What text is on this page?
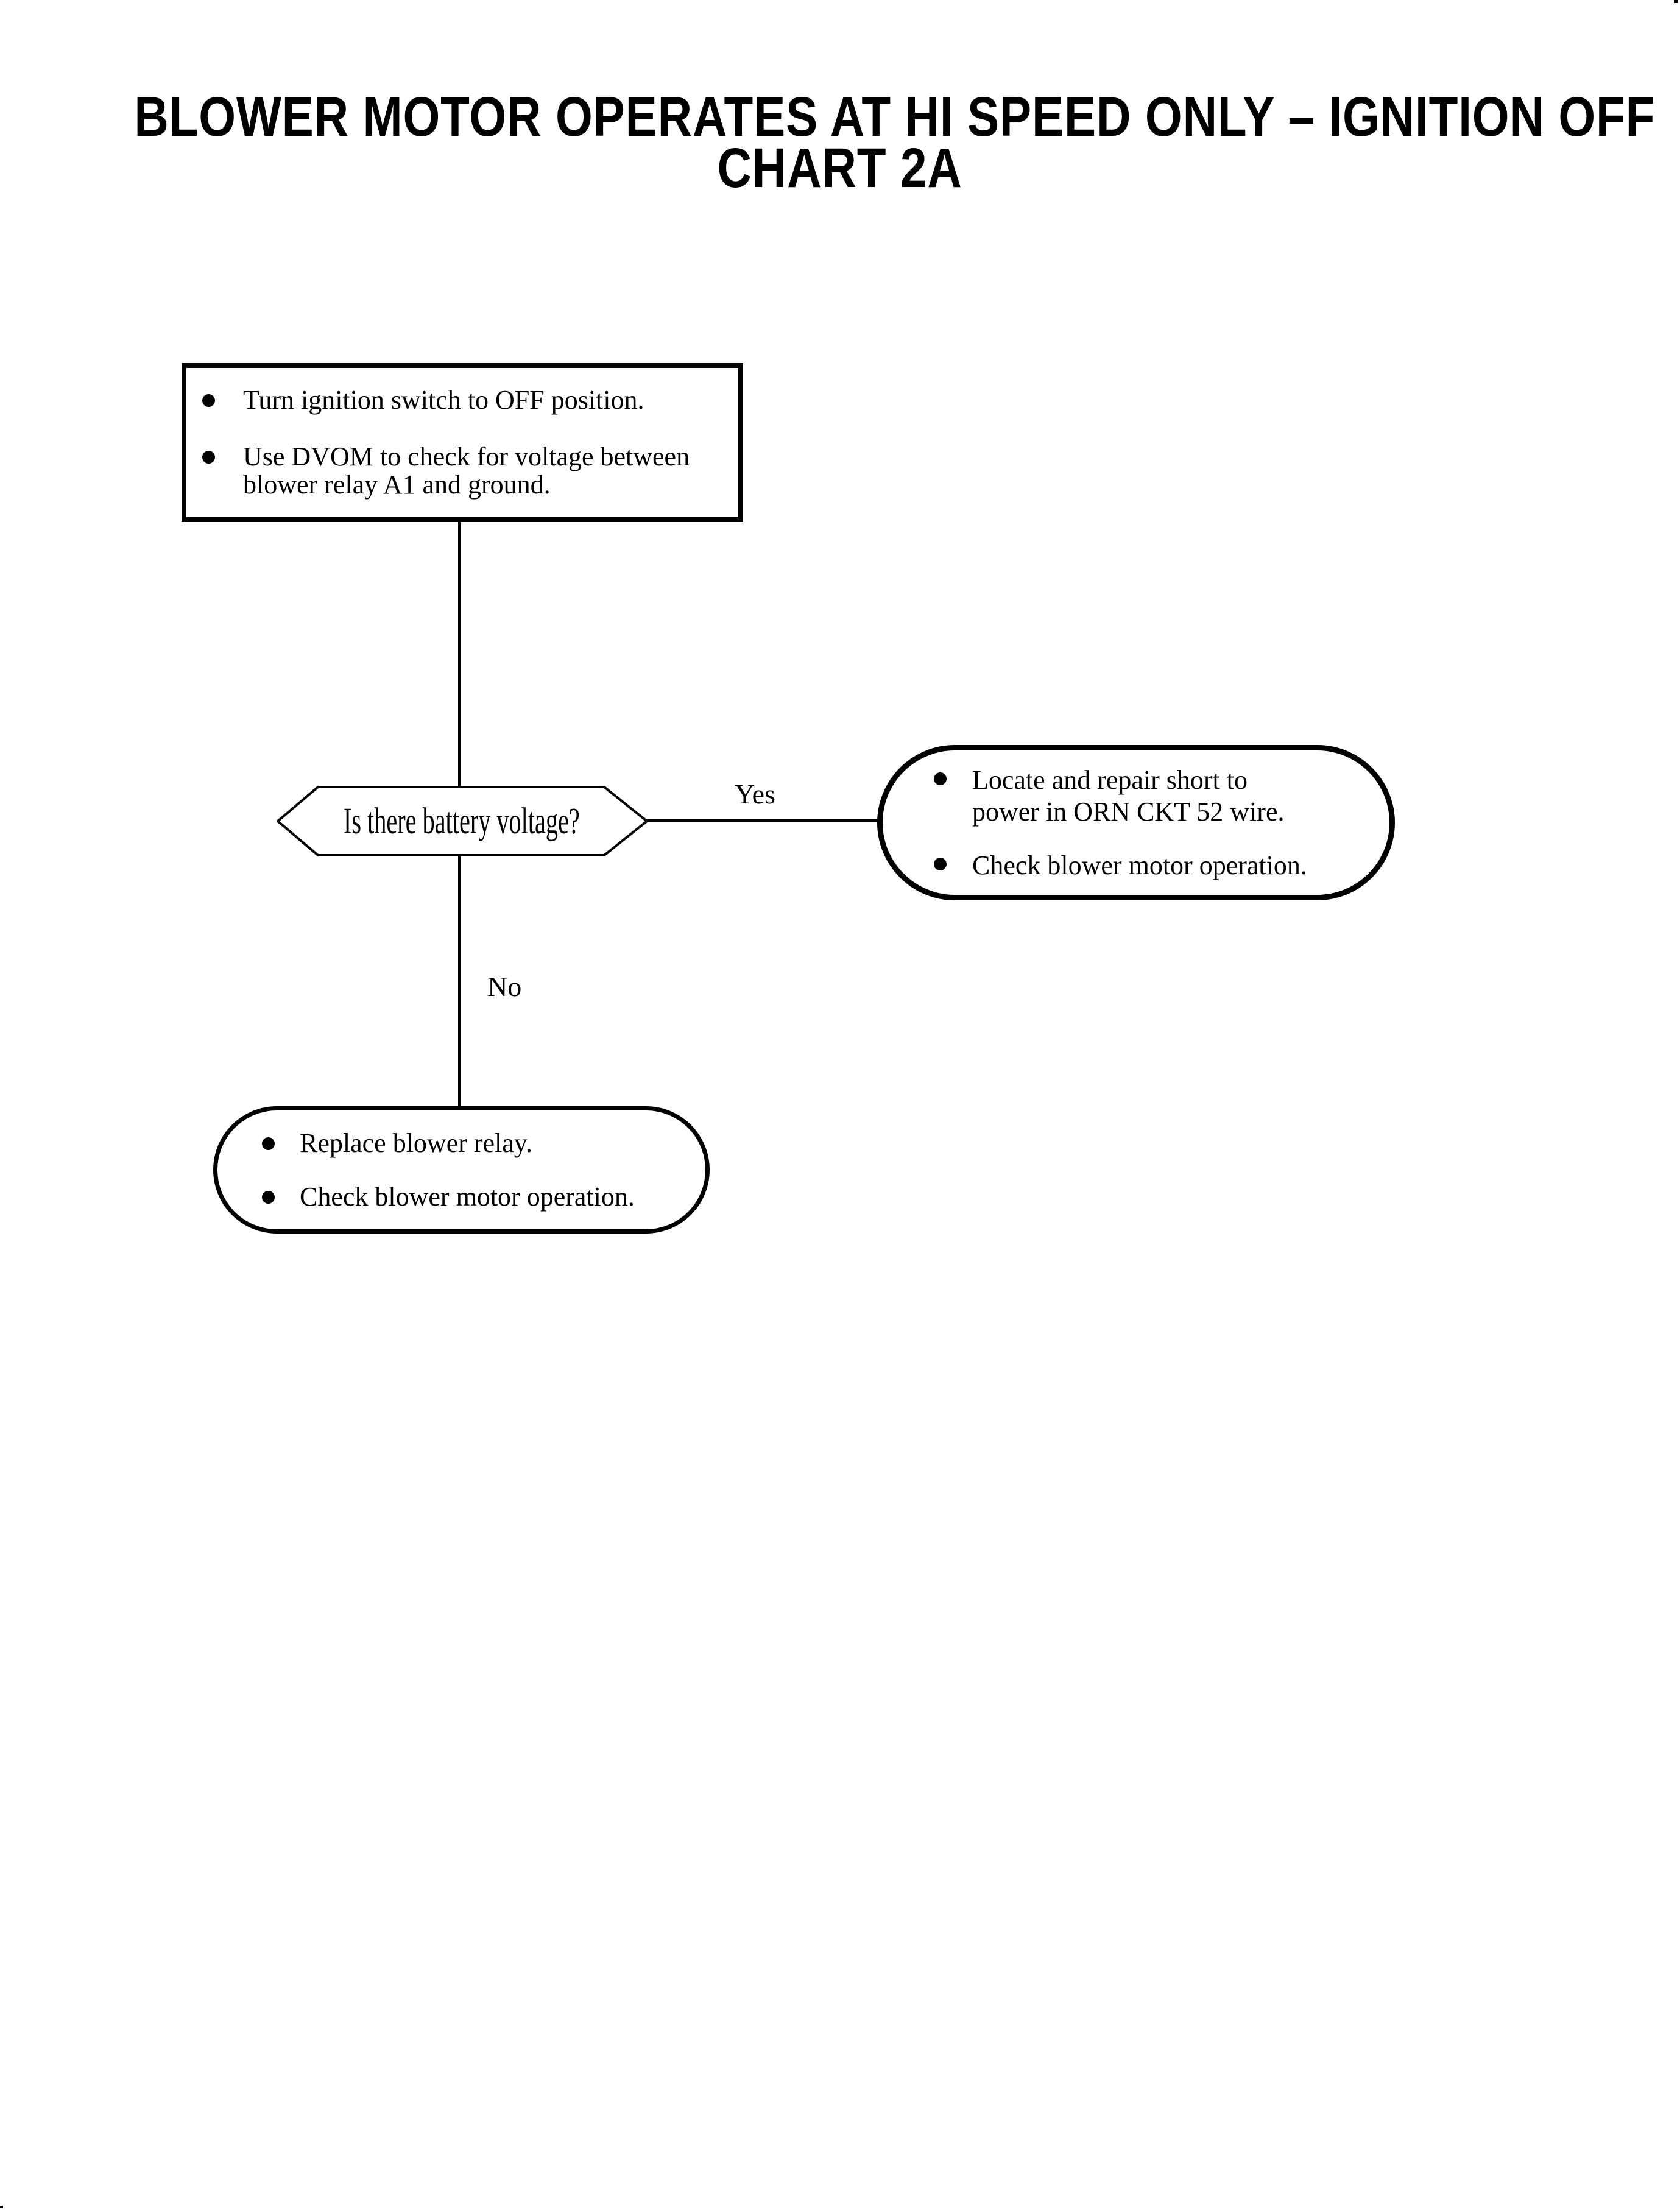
BLOWER MOTOR OPERATES AT HI SPEED ONLY – IGNITION OFF
CHART 2A
Turn ignition switch to OFF position.
Use DVOM to check for voltage between
blower relay A1 and ground.
Is there battery voltage?
Yes
No
Locate and repair short to
power in ORN CKT 52 wire.
Check blower motor operation.
Replace blower relay.
Check blower motor operation.
